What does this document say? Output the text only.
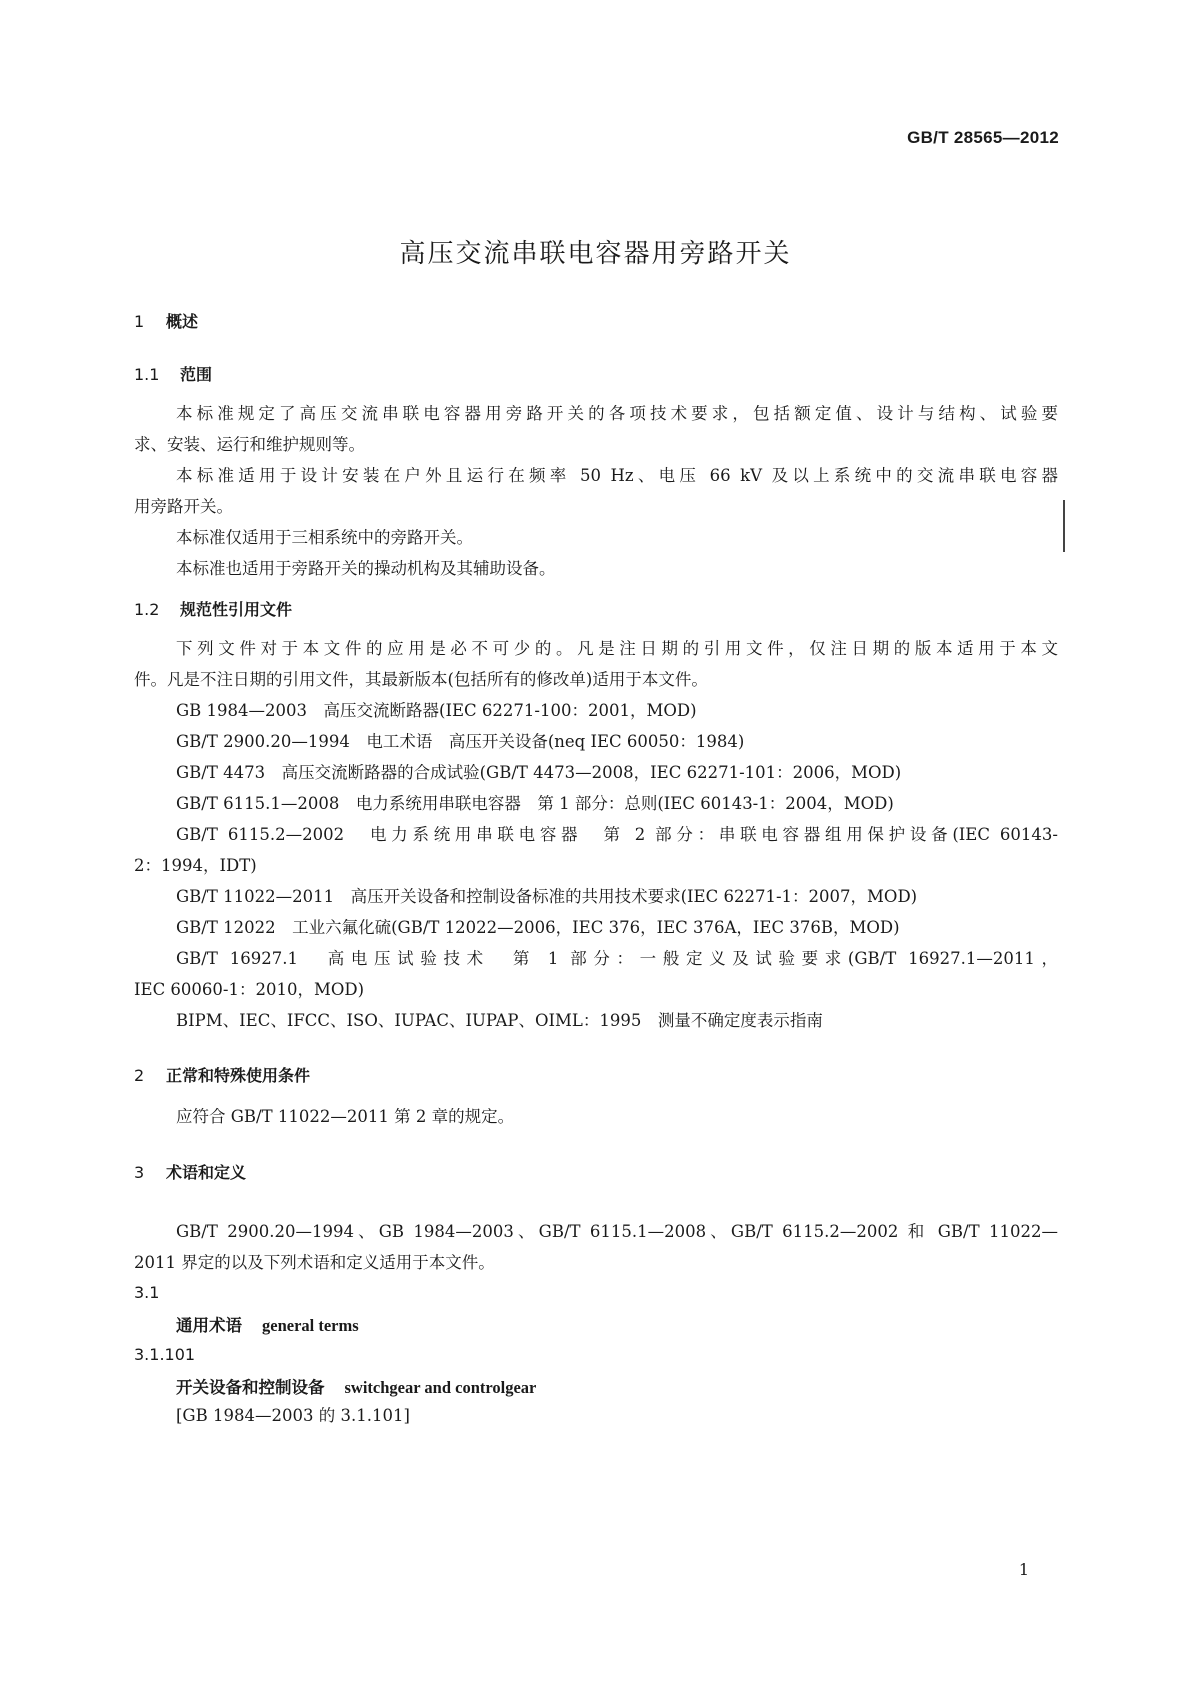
GB/T 28565—2012
高压交流串联电容器用旁路开关
1 概述
1.1 范围
本标准规定了高压交流串联电容器用旁路开关的各项技术要求，包括额定值、设计与结构、试验要
求、安装、运行和维护规则等。
本标准适用于设计安装在户外且运行在频率 50 Hz、电压 66 kV 及以上系统中的交流串联电容器
用旁路开关。
本标准仅适用于三相系统中的旁路开关。
本标准也适用于旁路开关的操动机构及其辅助设备。
1.2 规范性引用文件
下列文件对于本文件的应用是必不可少的。凡是注日期的引用文件，仅注日期的版本适用于本文
件。凡是不注日期的引用文件，其最新版本(包括所有的修改单)适用于本文件。
GB 1984—2003　高压交流断路器(IEC 62271-100：2001，MOD)
GB/T 2900.20—1994　电工术语　高压开关设备(neq IEC 60050：1984)
GB/T 4473　高压交流断路器的合成试验(GB/T 4473—2008，IEC 62271-101：2006，MOD)
GB/T 6115.1—2008　电力系统用串联电容器　第 1 部分：总则(IEC 60143-1：2004，MOD)
GB/T 6115.2—2002　电力系统用串联电容器　第 2 部分：串联电容器组用保护设备(IEC 60143-
2：1994，IDT)
GB/T 11022—2011　高压开关设备和控制设备标准的共用技术要求(IEC 62271-1：2007，MOD)
GB/T 12022　工业六氟化硫(GB/T 12022—2006，IEC 376，IEC 376A，IEC 376B，MOD)
GB/T 16927.1　高电压试验技术　第 1 部分：一般定义及试验要求(GB/T 16927.1—2011，
IEC 60060-1：2010，MOD)
BIPM、IEC、IFCC、ISO、IUPAC、IUPAP、OIML：1995　测量不确定度表示指南
2 正常和特殊使用条件
应符合 GB/T 11022—2011 第 2 章的规定。
3 术语和定义
GB/T 2900.20—1994、GB 1984—2003、GB/T 6115.1—2008、GB/T 6115.2—2002 和 GB/T 11022—
2011 界定的以及下列术语和定义适用于本文件。
3.1
通用术语 general terms
3.1.101
开关设备和控制设备 switchgear and controlgear
[GB 1984—2003 的 3.1.101]
1
